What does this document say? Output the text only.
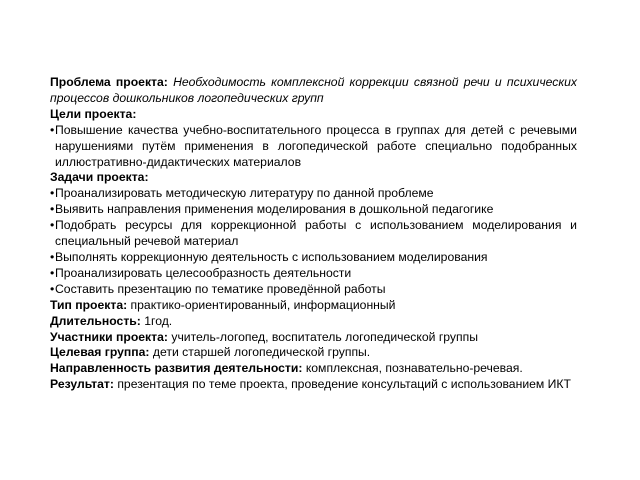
Проблема проекта: Необходимость комплексной коррекции связной речи и психических процессов дошкольников логопедических групп

Цели проекта:

• Повышение качества учебно-воспитательного процесса в группах для детей с речевыми нарушениями путём применения в логопедической работе специально подобранных иллюстративно-дидактических материалов

Задачи проекта:

• Проанализировать методическую литературу по данной проблеме
• Выявить направления применения моделирования в дошкольной педагогике
• Подобрать ресурсы для коррекционной работы с использованием моделирования и специальный речевой материал
• Выполнять коррекционную деятельность с использованием моделирования
• Проанализировать целесообразность деятельности
• Составить презентацию по тематике проведённой работы

Тип проекта: практико-ориентированный, информационный

Длительность: 1год.

Участники проекта: учитель-логопед, воспитатель логопедической группы

Целевая группа: дети старшей логопедической группы.

Направленность развития деятельности: комплексная, познавательно-речевая.

Результат: презентация по теме проекта, проведение консультаций с использованием ИКТ
